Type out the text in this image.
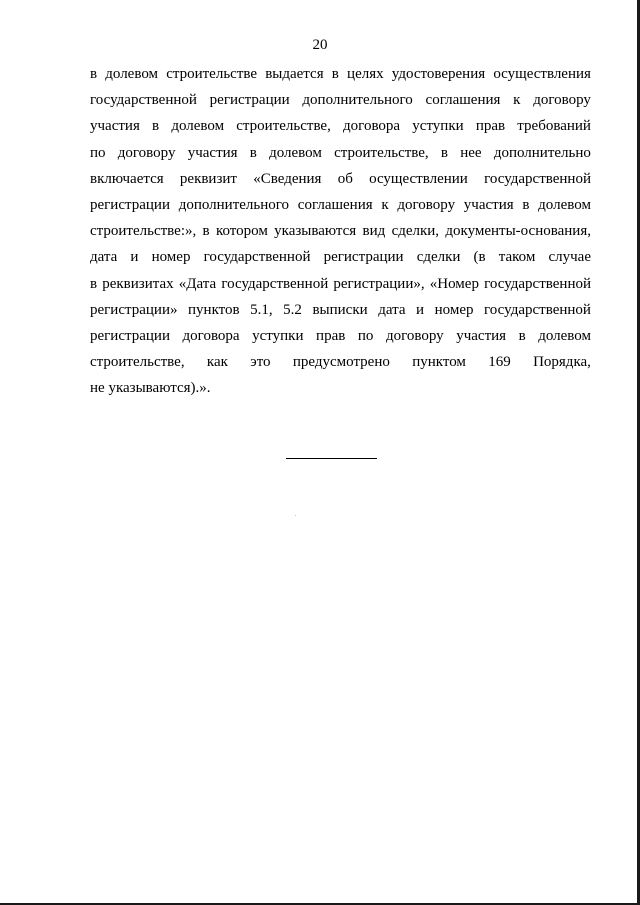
20
в долевом строительстве выдается в целях удостоверения осуществления
государственной регистрации дополнительного соглашения к договору
участия в долевом строительстве, договора уступки прав требований
по договору участия в долевом строительстве, в нее дополнительно
включается реквизит «Сведения об осуществлении государственной
регистрации дополнительного соглашения к договору участия в долевом
строительстве:», в котором указываются вид сделки, документы-основания,
дата и номер государственной регистрации сделки (в таком случае
в реквизитах «Дата государственной регистрации», «Номер государственной
регистрации» пунктов 5.1, 5.2 выписки дата и номер государственной
регистрации договора уступки прав по договору участия в долевом
строительстве, как это предусмотрено пунктом 169 Порядка,
не указываются).».
